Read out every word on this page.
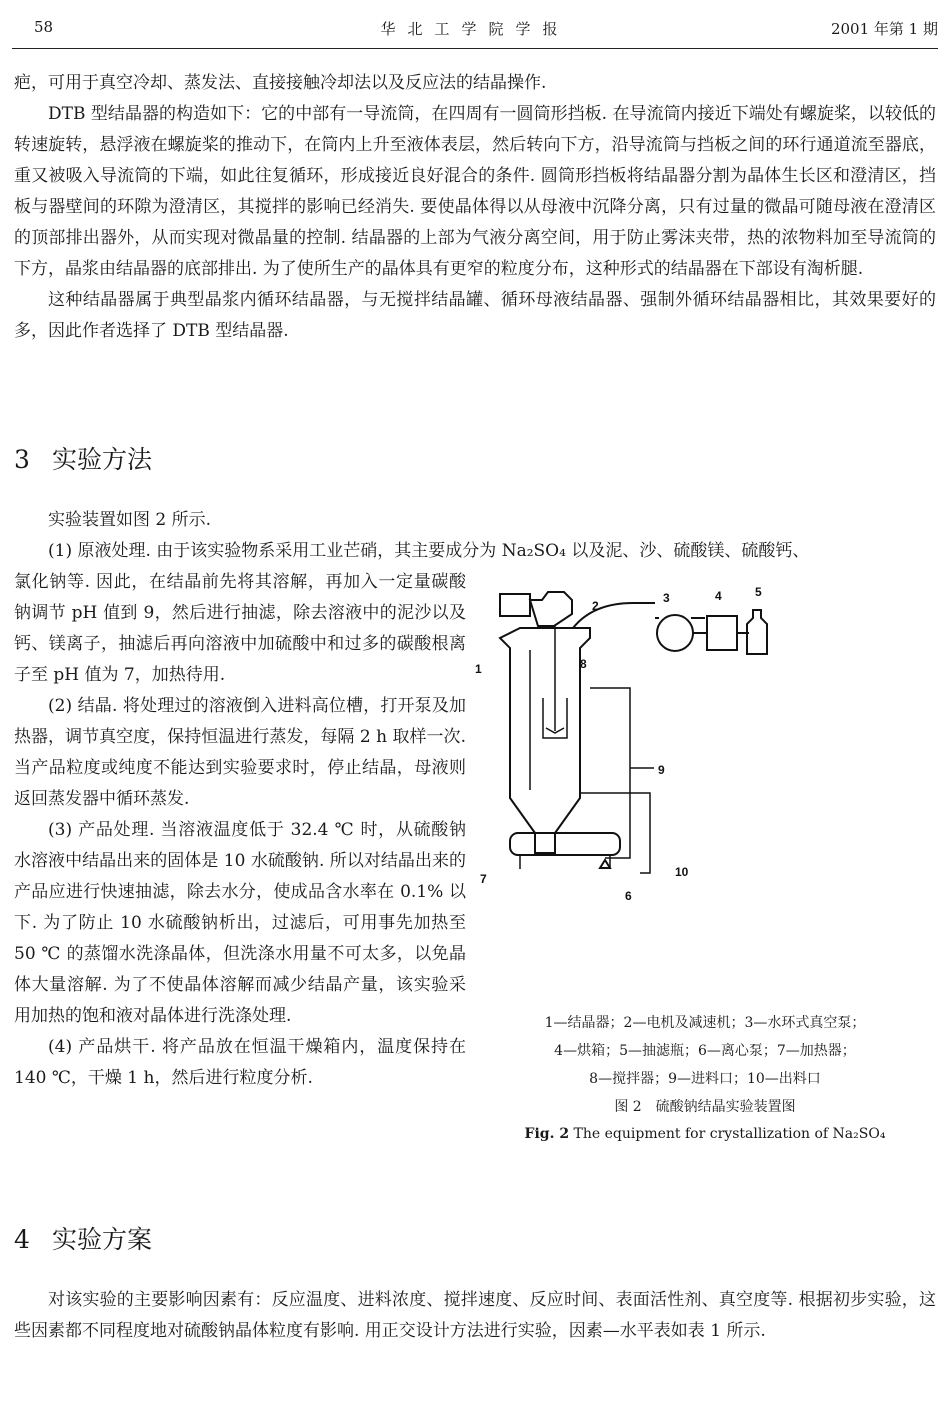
58	华北工学院学报	2001 年第 1 期

疤，可用于真空冷却、蒸发法、直接接触冷却法以及反应法的结晶操作.

DTB 型结晶器的构造如下：它的中部有一导流筒，在四周有一圆筒形挡板. 在导流筒内接近下端处有螺旋桨，以较低的转速旋转，悬浮液在螺旋桨的推动下，在筒内上升至液体表层，然后转向下方，沿导流筒与挡板之间的环行通道流至器底，重又被吸入导流筒的下端，如此往复循环，形成接近良好混合的条件. 圆筒形挡板将结晶器分割为晶体生长区和澄清区，挡板与器壁间的环隙为澄清区，其搅拌的影响已经消失. 要使晶体得以从母液中沉降分离，只有过量的微晶可随母液在澄清区的顶部排出器外，从而实现对微晶量的控制. 结晶器的上部为气液分离空间，用于防止雾沫夹带，热的浓物料加至导流筒的下方，晶浆由结晶器的底部排出. 为了使所生产的晶体具有更窄的粒度分布，这种形式的结晶器在下部设有淘析腿.

这种结晶器属于典型晶浆内循环结晶器，与无搅拌结晶罐、循环母液结晶器、强制外循环结晶器相比，其效果要好的多，因此作者选择了 DTB 型结晶器.

3 实验方法

实验装置如图 2 所示.

(1) 原液处理. 由于该实验物系采用工业芒硝，其主要成分为 Na₂SO₄ 以及泥、沙、硫酸镁、硫酸钙、

氯化钠等. 因此，在结晶前先将其溶解，再加入一定量碳酸钠调节 pH 值到 9，然后进行抽滤，除去溶液中的泥沙以及钙、镁离子，抽滤后再向溶液中加硫酸中和过多的碳酸根离子至 pH 值为 7，加热待用.

(2) 结晶. 将处理过的溶液倒入进料高位槽，打开泵及加热器，调节真空度，保持恒温进行蒸发，每隔 2 h 取样一次. 当产品粒度或纯度不能达到实验要求时，停止结晶，母液则返回蒸发器中循环蒸发.

(3) 产品处理. 当溶液温度低于 32.4 ℃ 时，从硫酸钠水溶液中结晶出来的固体是 10 水硫酸钠. 所以对结晶出来的产品应进行快速抽滤，除去水分，使成品含水率在 0.1% 以下. 为了防止 10 水硫酸钠析出，过滤后，可用事先加热至 50 ℃ 的蒸馏水洗涤晶体，但洗涤水用量不可太多，以免晶体大量溶解. 为了不使晶体溶解而减少结晶产量，该实验采用加热的饱和液对晶体进行洗涤处理.

(4) 产品烘干. 将产品放在恒温干燥箱内，温度保持在 140 ℃，干燥 1 h，然后进行粒度分析.

2
3	4	5
1	8
9
10
7
6
1—结晶器；2—电机及减速机；3—水环式真空泵；
4—烘箱；5—抽滤瓶；6—离心泵；7—加热器；
8—搅拌器；9—进料口；10—出料口
图 2　硫酸钠结晶实验装置图
Fig. 2 The equipment for crystallization of Na₂SO₄
4 实验方案

对该实验的主要影响因素有：反应温度、进料浓度、搅拌速度、反应时间、表面活性剂、真空度等. 根据初步实验，这些因素都不同程度地对硫酸钠晶体粒度有影响. 用正交设计方法进行实验，因素—水平表如表 1 所示.
